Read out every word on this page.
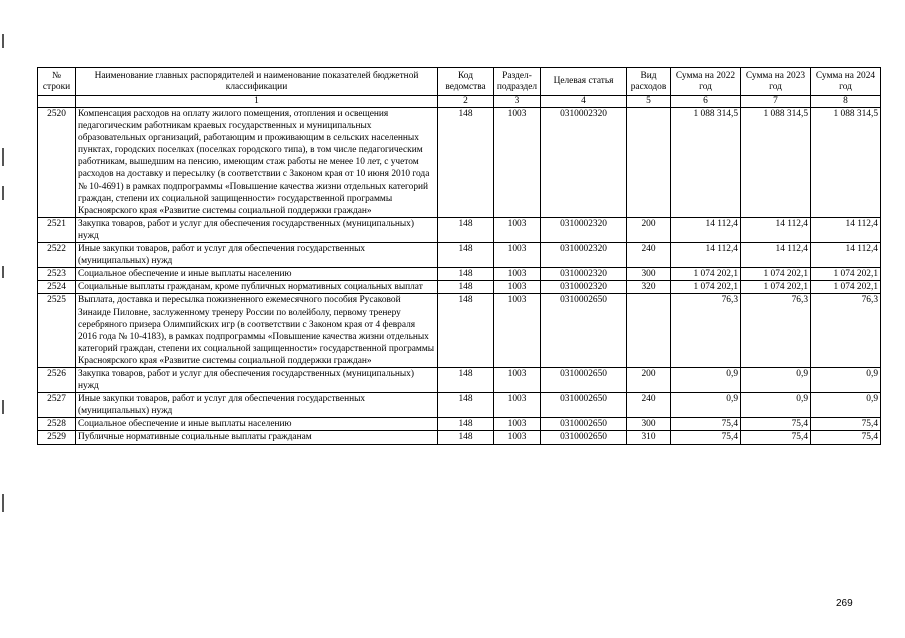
№ строки	Наименование главных распорядителей и наименование показателей бюджетной классификации	Код ведомства	Раздел-подраздел	Целевая статья	Вид расходов	Сумма на 2022 год	Сумма на 2023 год	Сумма на 2024 год
	1	2	3	4	5	6	7	8
2520	Компенсация расходов на оплату жилого помещения, отопления и освещения педагогическим работникам краевых государственных и муниципальных образовательных организаций, работающим и проживающим в сельских населенных пунктах, городских поселках (поселках городского типа), в том числе педагогическим работникам, вышедшим на пенсию, имеющим стаж работы не менее 10 лет, с учетом расходов на доставку и пересылку (в соответствии с Законом края от 10 июня 2010 года № 10-4691) в рамках подпрограммы «Повышение качества жизни отдельных категорий граждан, степени их социальной защищенности» государственной программы Красноярского края «Развитие системы социальной поддержки граждан»	148	1003	0310002320		1 088 314,5	1 088 314,5	1 088 314,5
2521	Закупка товаров, работ и услуг для обеспечения государственных (муниципальных) нужд	148	1003	0310002320	200	14 112,4	14 112,4	14 112,4
2522	Иные закупки товаров, работ и услуг для обеспечения государственных (муниципальных) нужд	148	1003	0310002320	240	14 112,4	14 112,4	14 112,4
2523	Социальное обеспечение и иные выплаты населению	148	1003	0310002320	300	1 074 202,1	1 074 202,1	1 074 202,1
2524	Социальные выплаты гражданам, кроме публичных нормативных социальных выплат	148	1003	0310002320	320	1 074 202,1	1 074 202,1	1 074 202,1
2525	Выплата, доставка и пересылка пожизненного ежемесячного пособия Русаковой Зинаиде Пиловне, заслуженному тренеру России по волейболу, первому тренеру серебряного призера Олимпийских игр (в соответствии с Законом края от 4 февраля 2016 года № 10-4183), в рамках подпрограммы «Повышение качества жизни отдельных категорий граждан, степени их социальной защищенности» государственной программы Красноярского края «Развитие системы социальной поддержки граждан»	148	1003	0310002650		76,3	76,3	76,3
2526	Закупка товаров, работ и услуг для обеспечения государственных (муниципальных) нужд	148	1003	0310002650	200	0,9	0,9	0,9
2527	Иные закупки товаров, работ и услуг для обеспечения государственных (муниципальных) нужд	148	1003	0310002650	240	0,9	0,9	0,9
2528	Социальное обеспечение и иные выплаты населению	148	1003	0310002650	300	75,4	75,4	75,4
2529	Публичные нормативные социальные выплаты гражданам	148	1003	0310002650	310	75,4	75,4	75,4
269
